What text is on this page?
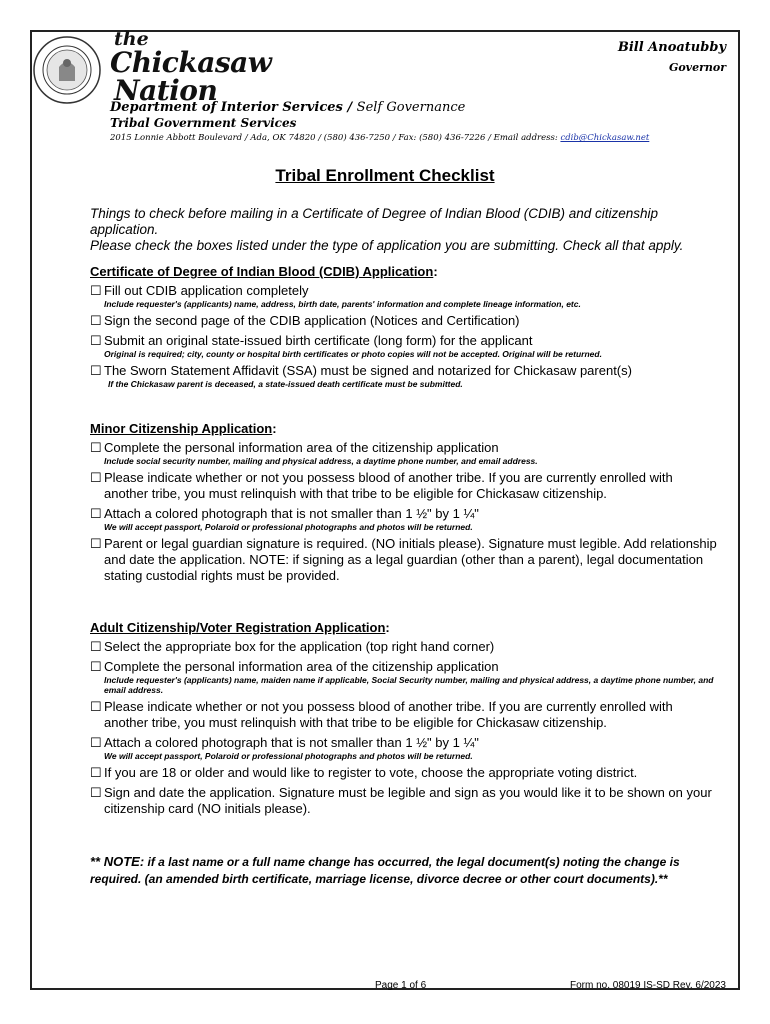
the
Chickasaw
Nation
Bill Anoatubby
Governor
Department of Interior Services / Self Governance
Tribal Government Services
2015 Lonnie Abbott Boulevard / Ada, OK 74820 / (580) 436-7250 / Fax: (580) 436-7226 / Email address: cdib@Chickasaw.net
Tribal Enrollment Checklist

Things to check before mailing in a Certificate of Degree of Indian Blood (CDIB) and citizenship application.

Please check the boxes listed under the type of application you are submitting. Check all that apply.

Certificate of Degree of Indian Blood (CDIB) Application:
☐ Fill out CDIB application completely
Include requester's (applicants) name, address, birth date, parents' information and complete lineage information, etc.
☐ Sign the second page of the CDIB application (Notices and Certification)
☐ Submit an original state-issued birth certificate (long form) for the applicant
Original is required; city, county or hospital birth certificates or photo copies will not be accepted. Original will be returned.
☐ The Sworn Statement Affidavit (SSA) must be signed and notarized for Chickasaw parent(s)
If the Chickasaw parent is deceased, a state-issued death certificate must be submitted.
Minor Citizenship Application:
☐ Complete the personal information area of the citizenship application
Include social security number, mailing and physical address, a daytime phone number, and email address.
☐ Please indicate whether or not you possess blood of another tribe. If you are currently enrolled with another tribe, you must relinquish with that tribe to be eligible for Chickasaw citizenship.
☐ Attach a colored photograph that is not smaller than 1 ½" by 1 ¼"
We will accept passport, Polaroid or professional photographs and photos will be returned.
☐ Parent or legal guardian signature is required. (NO initials please). Signature must legible. Add relationship and date the application. NOTE: if signing as a legal guardian (other than a parent), legal documentation stating custodial rights must be provided.
Adult Citizenship/Voter Registration Application:
☐ Select the appropriate box for the application (top right hand corner)
☐ Complete the personal information area of the citizenship application
Include requester's (applicants) name, maiden name if applicable, Social Security number, mailing and physical address, a daytime phone number, and email address.
☐ Please indicate whether or not you possess blood of another tribe. If you are currently enrolled with another tribe, you must relinquish with that tribe to be eligible for Chickasaw citizenship.
☐ Attach a colored photograph that is not smaller than 1 ½" by 1 ¼"
We will accept passport, Polaroid or professional photographs and photos will be returned.
☐ If you are 18 or older and would like to register to vote, choose the appropriate voting district.
☐ Sign and date the application. Signature must be legible and sign as you would like it to be shown on your citizenship card (NO initials please).
** NOTE: if a last name or a full name change has occurred, the legal document(s) noting the change is required. (an amended birth certificate, marriage license, divorce decree or other court documents).**
Page 1 of 6	Form no. 08019 IS-SD Rev. 6/2023
